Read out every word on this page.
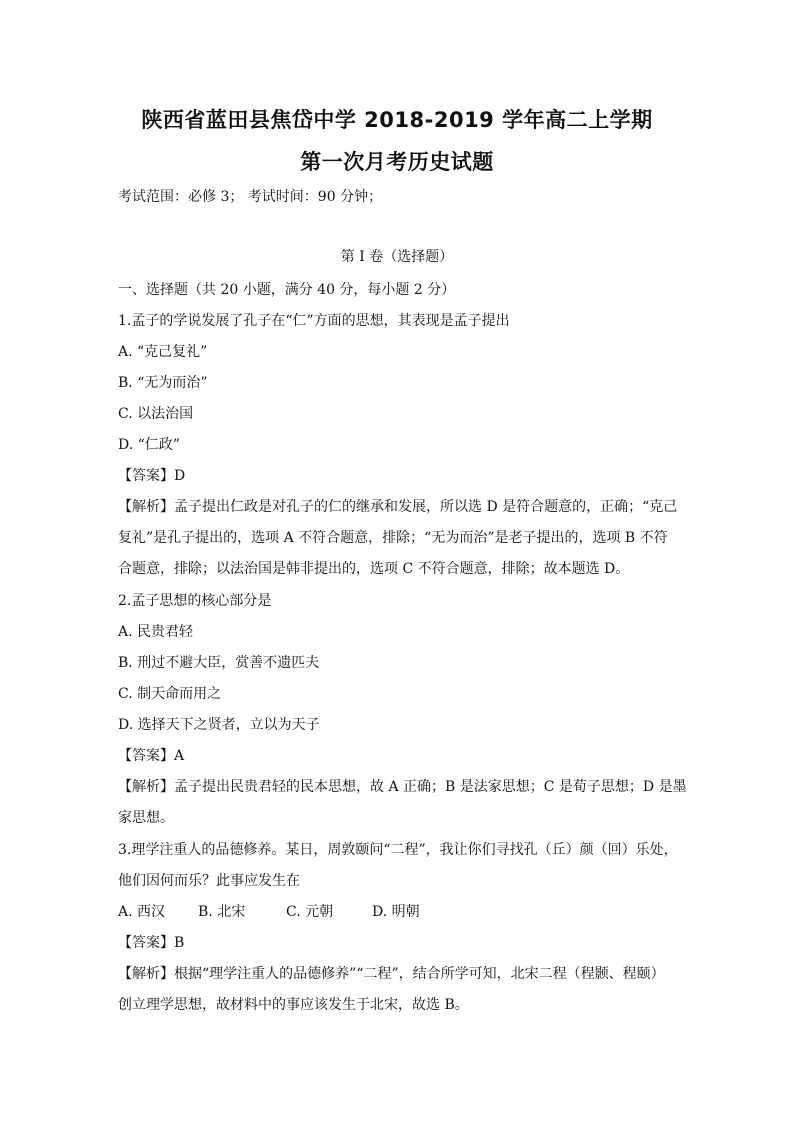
陕西省蓝田县焦岱中学 2018-2019 学年高二上学期
第一次月考历史试题
考试范围：必修 3； 考试时间：90 分钟；
第 I 卷（选择题）
一、选择题（共 20 小题，满分 40 分，每小题 2 分）
1.孟子的学说发展了孔子在“仁”方面的思想，其表现是孟子提出
A. “克己复礼”
B. “无为而治”
C. 以法治国
D. “仁政”
【答案】D
【解析】孟子提出仁政是对孔子的仁的继承和发展，所以选 D 是符合题意的，正确；“克己
复礼”是孔子提出的，选项 A 不符合题意，排除；“无为而治”是老子提出的，选项 B 不符
合题意，排除；以法治国是韩非提出的，选项 C 不符合题意，排除；故本题选 D。
2.孟子思想的核心部分是
A. 民贵君轻
B. 刑过不避大臣，赏善不遗匹夫
C. 制天命而用之
D. 选择天下之贤者，立以为天子
【答案】A
【解析】孟子提出民贵君轻的民本思想，故 A 正确；B 是法家思想；C 是荀子思想；D 是墨
家思想。
3.理学注重人的品德修养。某日，周敦颐问“二程”，我让你们寻找孔（丘）颜（回）乐处，
他们因何而乐？此事应发生在
A. 西汉 B. 北宋	C. 元朝	D. 明朝
【答案】B
【解析】根据“理学注重人的品德修养”“二程”，结合所学可知，北宋二程（程颢、程颐）
创立理学思想，故材料中的事应该发生于北宋，故选 B。
